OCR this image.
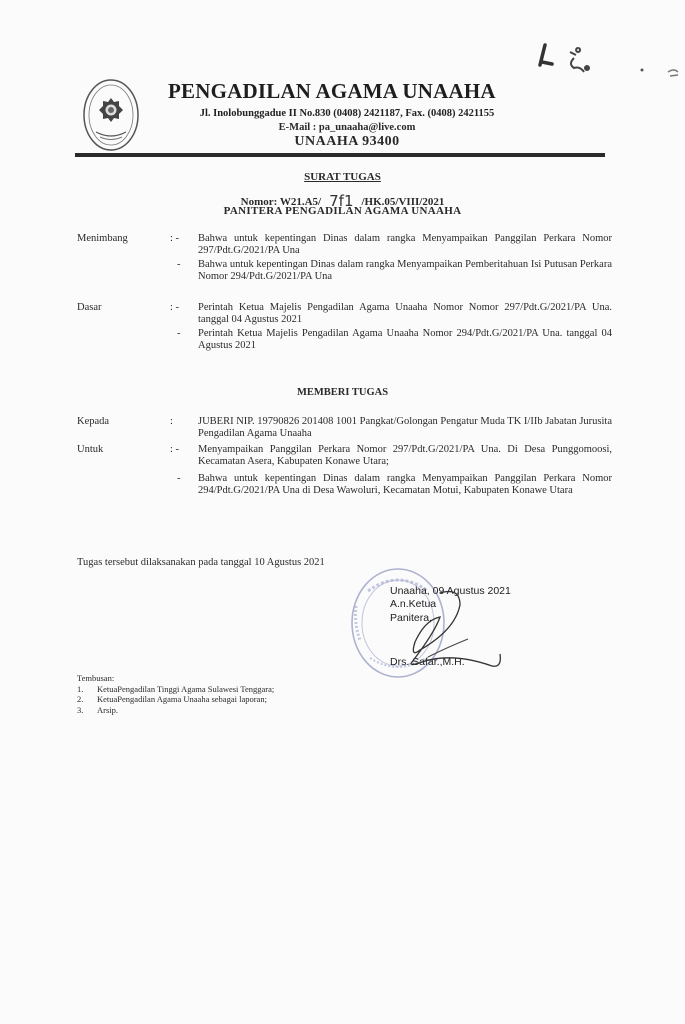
PENGADILAN AGAMA UNAAHA
Jl. Inolobunggadue II No.830 (0408) 2421187, Fax. (0408) 2421155
E-Mail : pa_unaaha@live.com
UNAAHA 93400
SURAT TUGAS
Nomor: W21.A5/ 7f1 /HK.05/VIII/2021
PANITERA PENGADILAN AGAMA UNAAHA
Menimbang	: - Bahwa untuk kepentingan Dinas dalam rangka Menyampaikan Panggilan Perkara Nomor 297/Pdt.G/2021/PA Una
- Bahwa untuk kepentingan Dinas dalam rangka Menyampaikan Pemberitahuan Isi Putusan Perkara Nomor 294/Pdt.G/2021/PA Una
Dasar	: - Perintah Ketua Majelis Pengadilan Agama Unaaha Nomor Nomor 297/Pdt.G/2021/PA Una. tanggal 04 Agustus 2021
- Perintah Ketua Majelis Pengadilan Agama Unaaha Nomor 294/Pdt.G/2021/PA Una. tanggal 04 Agustus 2021
MEMBERI TUGAS
Kepada	: JUBERI NIP. 19790826 201408 1001 Pangkat/Golongan Pengatur Muda TK I/IIb Jabatan Jurusita Pengadilan Agama Unaaha
Untuk	: - Menyampaikan Panggilan Perkara Nomor 297/Pdt.G/2021/PA Una. Di Desa Punggomoosi, Kecamatan Asera, Kabupaten Konawe Utara;
- Bahwa untuk kepentingan Dinas dalam rangka Menyampaikan Panggilan Perkara Nomor 294/Pdt.G/2021/PA Una di Desa Wawoluri, Kecamatan Motui, Kabupaten Konawe Utara
Tugas tersebut dilaksanakan pada tanggal 10 Agustus 2021
Unaaha, 09 Agustus 2021
A.n.Ketua
Panitera,
Drs. Safar.,M.H.
Tembusan:
1. KetuaPengadilan Tinggi Agama Sulawesi Tenggara;
2. KetuaPengadilan Agama Unaaha sebagai laporan;
3. Arsip.
